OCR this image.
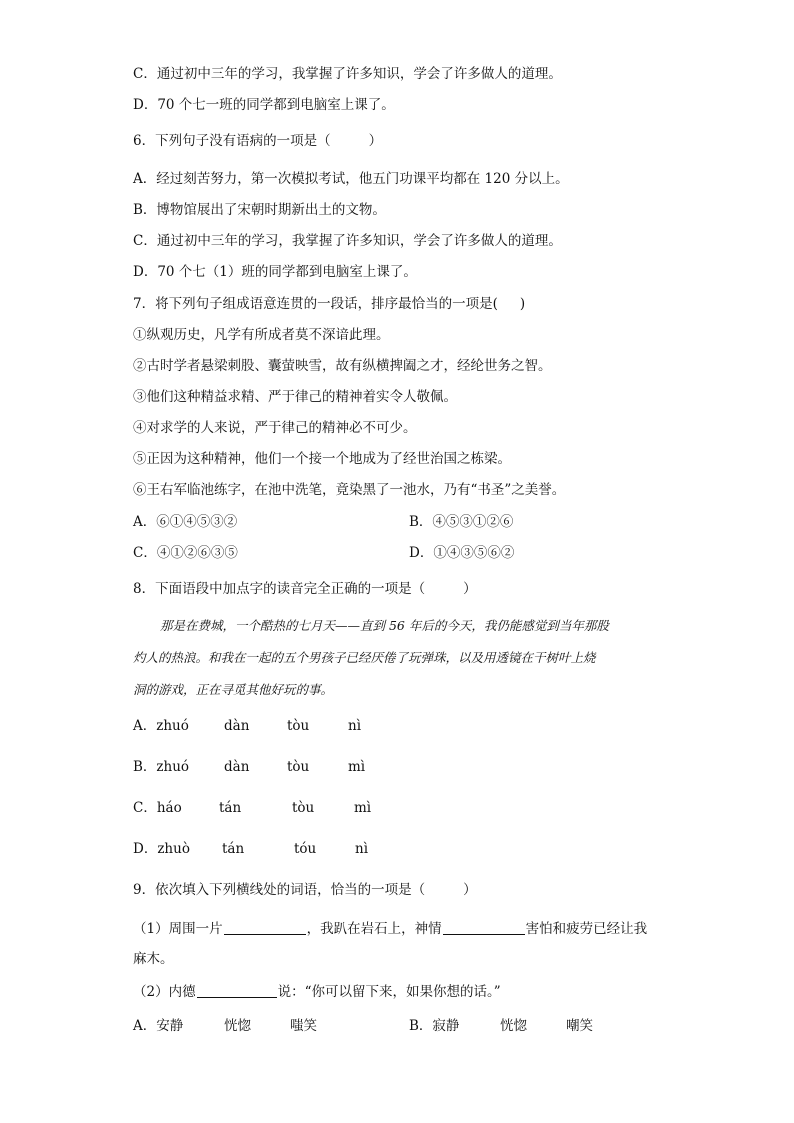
C．通过初中三年的学习，我掌握了许多知识，学会了许多做人的道理。
D．70 个七一班的同学都到电脑室上课了。
6．下列句子没有语病的一项是（	）
A．经过刻苦努力，第一次模拟考试，他五门功课平均都在 120 分以上。
B．博物馆展出了宋朝时期新出土的文物。
C．通过初中三年的学习，我掌握了许多知识，学会了许多做人的道理。
D．70 个七（1）班的同学都到电脑室上课了。
7．将下列句子组成语意连贯的一段话，排序最恰当的一项是( )
①纵观历史，凡学有所成者莫不深谙此理。
②古时学者悬梁刺股、囊萤映雪，故有纵横捭阖之才，经纶世务之智。
③他们这种精益求精、严于律己的精神着实令人敬佩。
④对求学的人来说，严于律己的精神必不可少。
⑤正因为这种精神，他们一个接一个地成为了经世治国之栋梁。
⑥王右军临池练字，在池中洗笔，竟染黑了一池水，乃有“书圣”之美誉。
A．⑥①④⑤③②	B．④⑤③①②⑥
C．④①②⑥③⑤	D．①④③⑤⑥②
8．下面语段中加点字的读音完全正确的一项是（	）
那是在费城，一个酷热的七月天——直到 56 年后的今天，我仍能感觉到当年那股
灼人的热浪。和我在一起的五个男孩子已经厌倦了玩弹珠，以及用透镜在干树叶上烧
洞的游戏，正在寻觅其他好玩的事。
A．zhuó	dàn	tòu	nì
B．zhuó	dàn	tòu	mì
C．háo	tán	tòu	mì
D．zhuò tán	tóu	nì
9．依次填入下列横线处的词语，恰当的一项是（	）
（1）周围一片	，我趴在岩石上，神情	害怕和疲劳已经让我
麻木。
（2）内德	说：“你可以留下来，如果你想的话。”
A．安静	恍惚	嗤笑	B．寂静	恍惚	嘲笑
